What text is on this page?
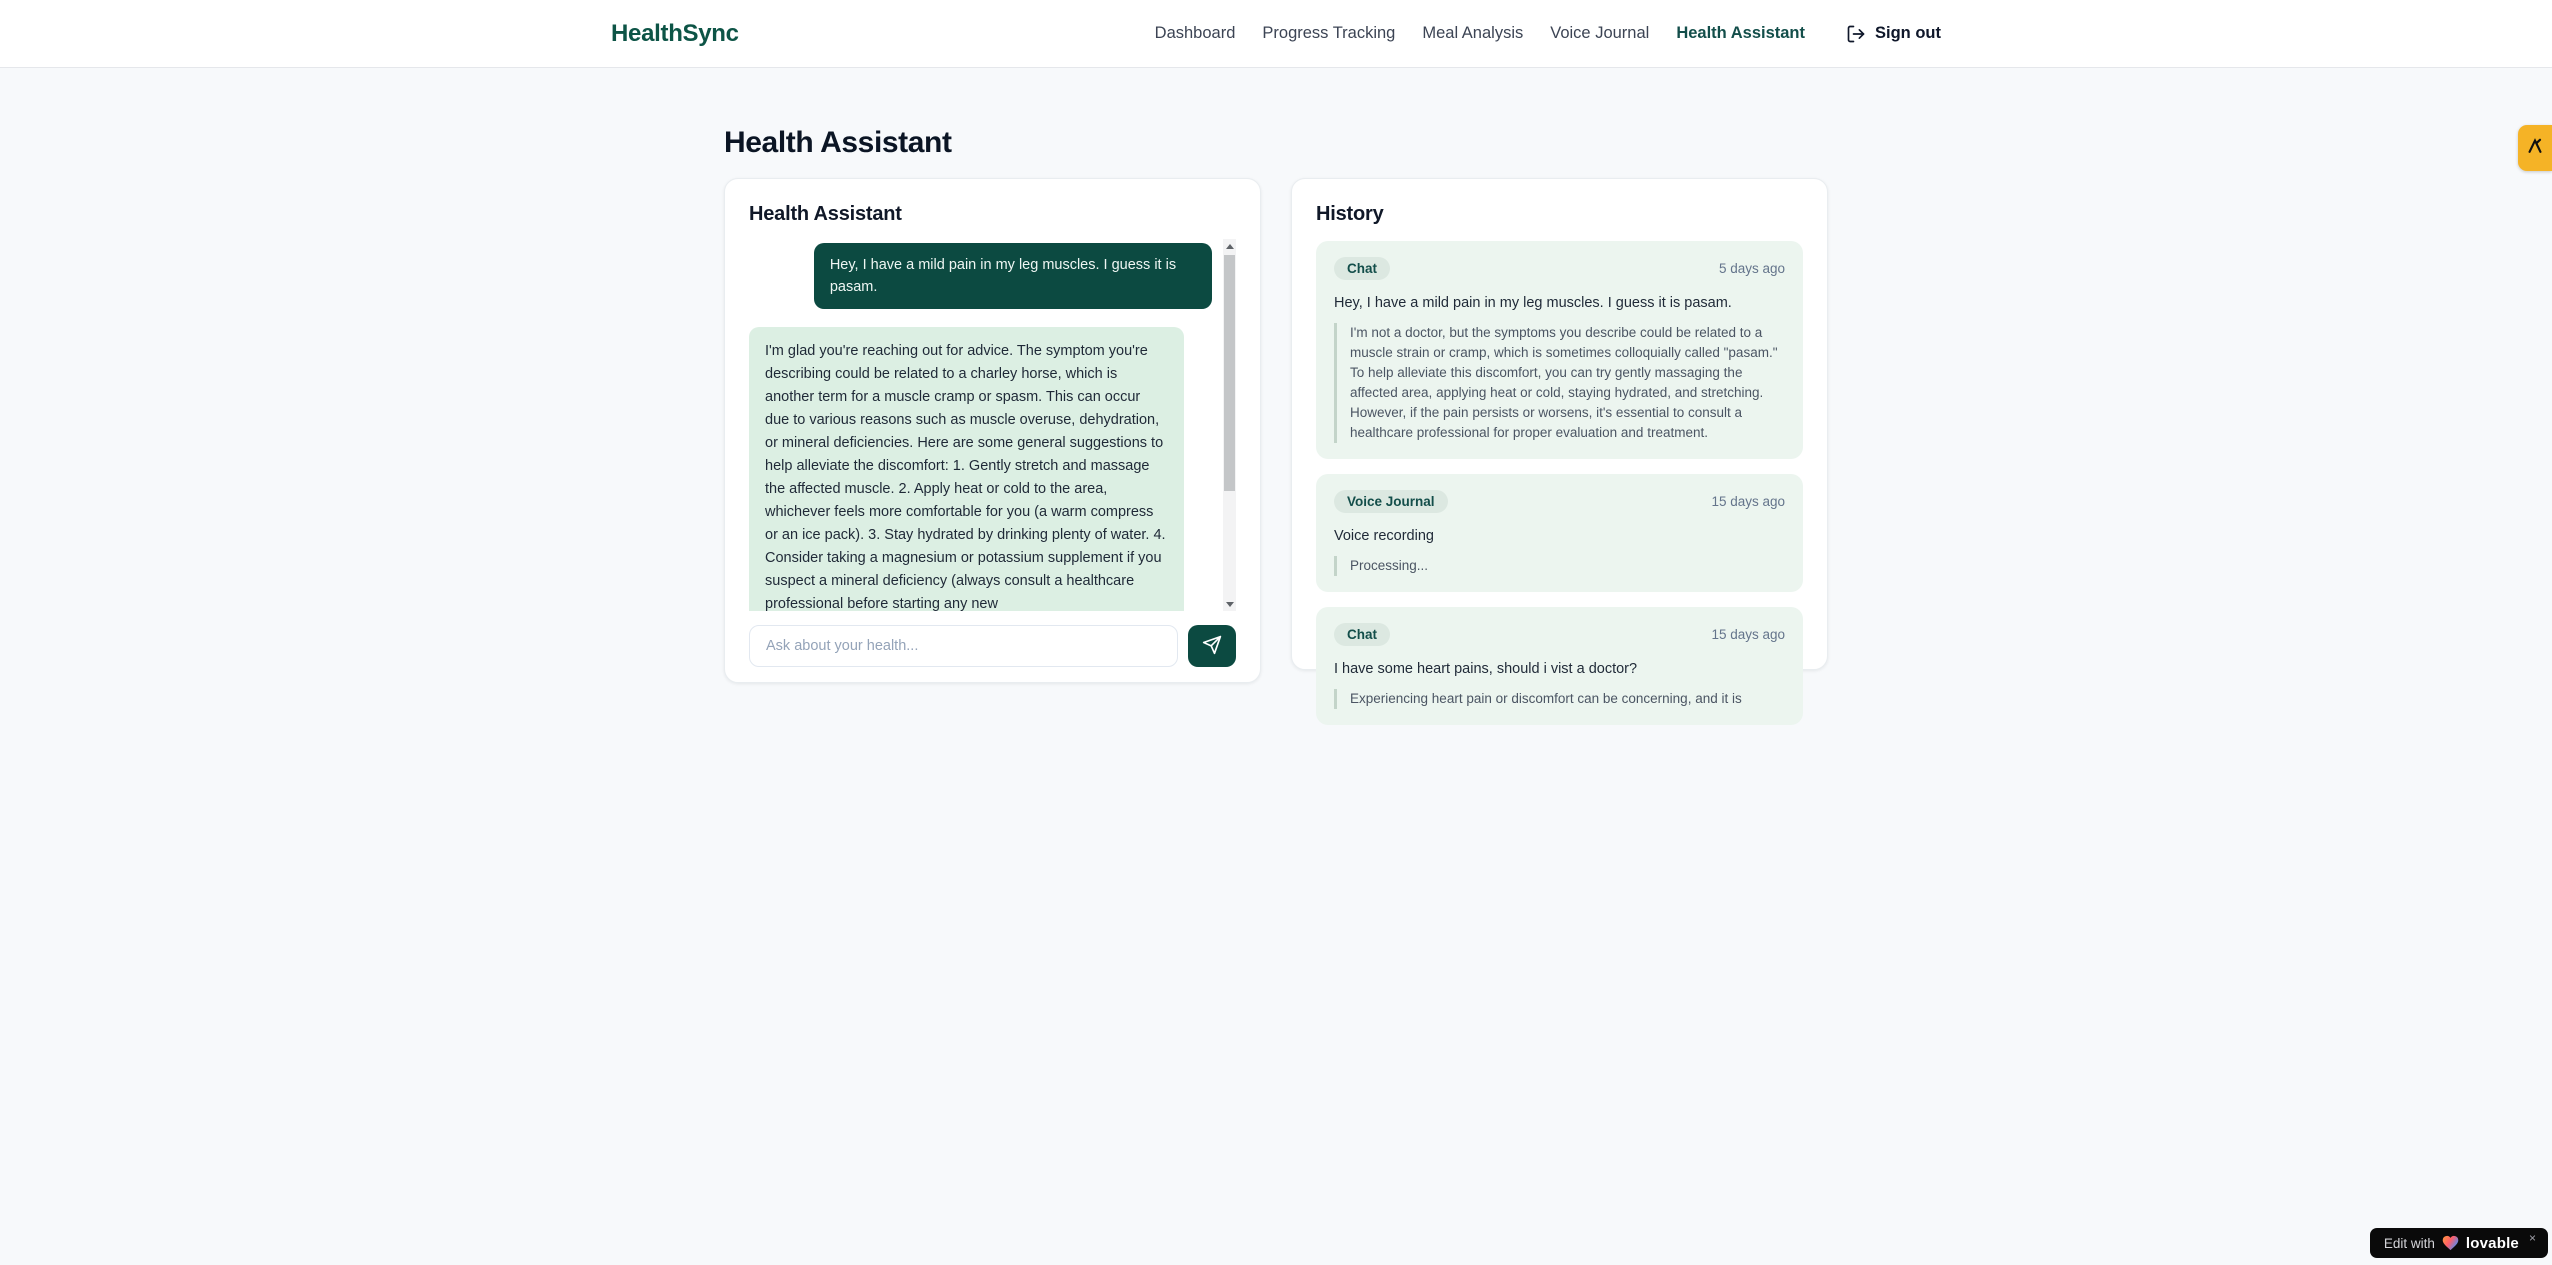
HealthSync	Dashboard Progress Tracking Meal Analysis Voice Journal Health Assistant	Sign out
Health Assistant
Health Assistant
Hey, I have a mild pain in my leg muscles. I guess it is pasam.
I'm glad you're reaching out for advice. The symptom you're describing could be related to a charley horse, which is another term for a muscle cramp or spasm. This can occur due to various reasons such as muscle overuse, dehydration, or mineral deficiencies. Here are some general suggestions to help alleviate the discomfort: 1. Gently stretch and massage the affected muscle. 2. Apply heat or cold to the area, whichever feels more comfortable for you (a warm compress or an ice pack). 3. Stay hydrated by drinking plenty of water. 4. Consider taking a magnesium or potassium supplement if you suspect a mineral deficiency (always consult a healthcare professional before starting any new
Ask about your health...
History
Chat	5 days ago
Hey, I have a mild pain in my leg muscles. I guess it is pasam.
I'm not a doctor, but the symptoms you describe could be related to a muscle strain or cramp, which is sometimes colloquially called "pasam." To help alleviate this discomfort, you can try gently massaging the affected area, applying heat or cold, staying hydrated, and stretching. However, if the pain persists or worsens, it's essential to consult a healthcare professional for proper evaluation and treatment.
Voice Journal	15 days ago
Voice recording
Processing...
Chat	15 days ago
I have some heart pains, should i vist a doctor?
Experiencing heart pain or discomfort can be concerning, and it is
Edit with lovable ×
